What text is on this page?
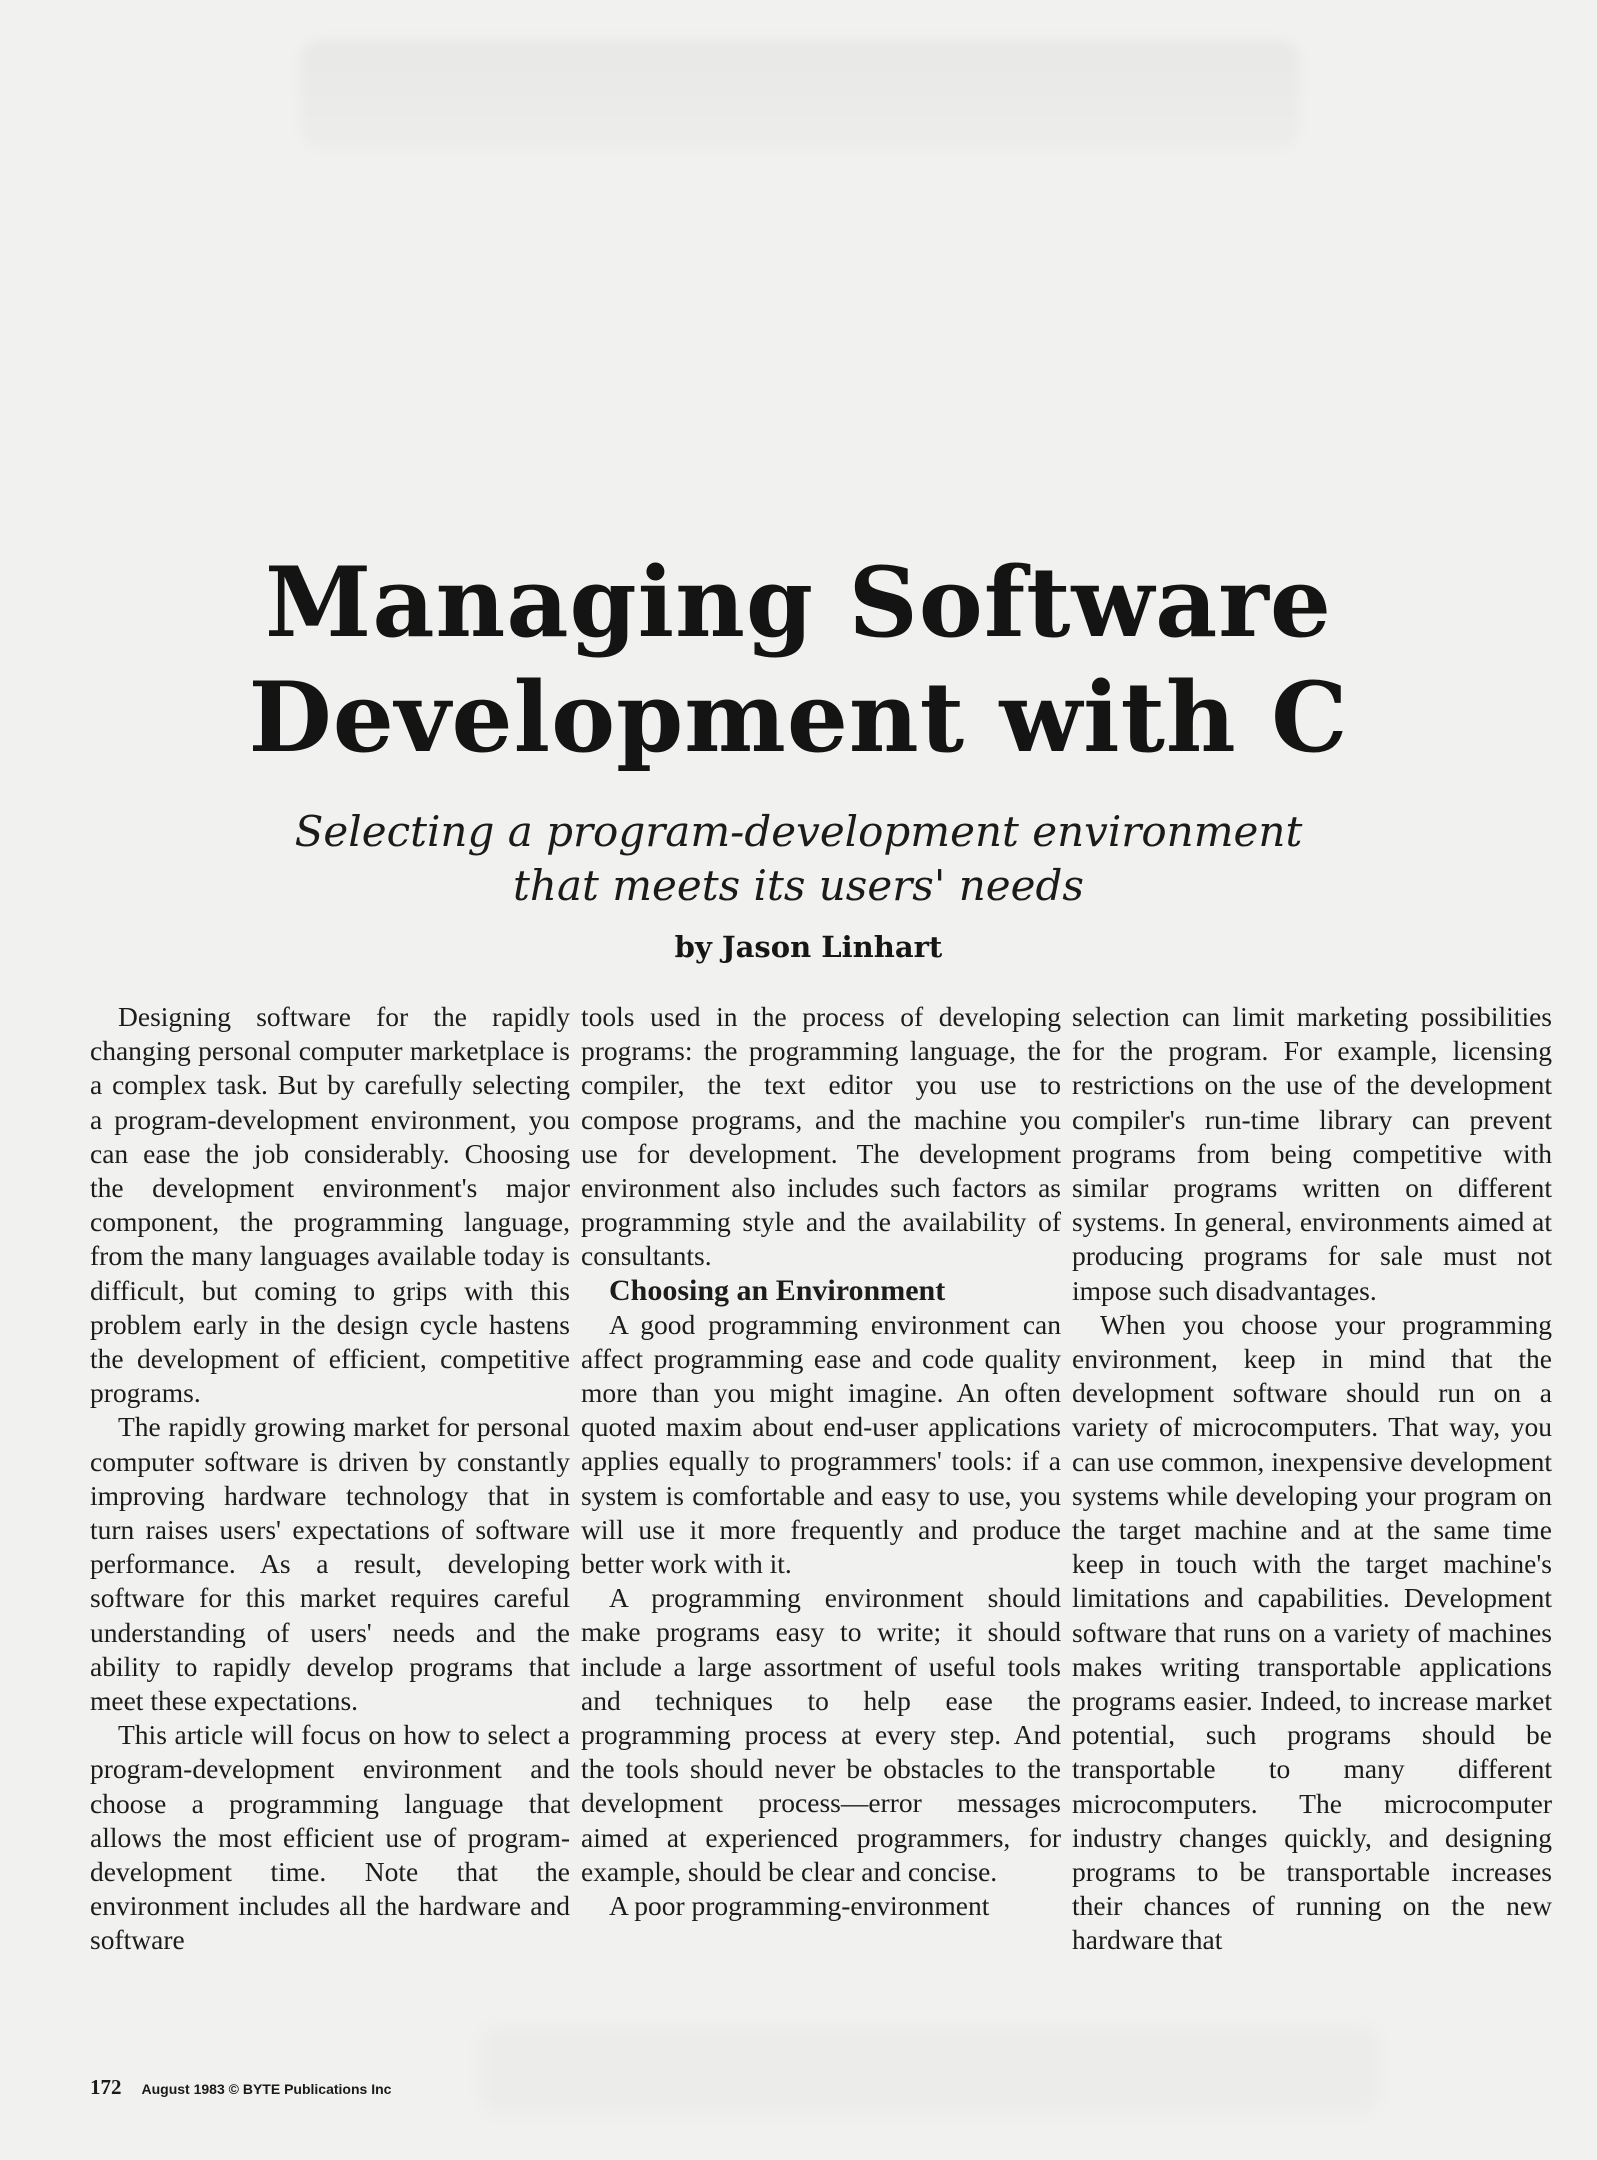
Managing Software
Development with C
Selecting a program-development environment
that meets its users' needs
by Jason Linhart

Designing software for the rapidly changing personal computer marketplace is a complex task. But by carefully selecting a program-development environment, you can ease the job considerably. Choosing the development environment's major component, the programming language, from the many languages available today is difficult, but coming to grips with this problem early in the design cycle hastens the development of efficient, competitive programs.

The rapidly growing market for personal computer software is driven by constantly improving hardware technology that in turn raises users' expectations of software performance. As a result, developing software for this market requires careful understanding of users' needs and the ability to rapidly develop programs that meet these expectations.

This article will focus on how to select a program-development environment and choose a programming language that allows the most efficient use of program-development time. Note that the environment includes all the hardware and software

tools used in the process of developing programs: the programming language, the compiler, the text editor you use to compose programs, and the machine you use for development. The development environment also includes such factors as programming style and the availability of consultants.

Choosing an Environment

A good programming environment can affect programming ease and code quality more than you might imagine. An often quoted maxim about end-user applications applies equally to programmers' tools: if a system is comfortable and easy to use, you will use it more frequently and produce better work with it.

A programming environment should make programs easy to write; it should include a large assortment of useful tools and techniques to help ease the programming process at every step. And the tools should never be obstacles to the development process—error messages aimed at experienced programmers, for example, should be clear and concise.

A poor programming-environment

selection can limit marketing possibilities for the program. For example, licensing restrictions on the use of the development compiler's run-time library can prevent programs from being competitive with similar programs written on different systems. In general, environments aimed at producing programs for sale must not impose such disadvantages.

When you choose your programming environment, keep in mind that the development software should run on a variety of microcomputers. That way, you can use common, inexpensive development systems while developing your program on the target machine and at the same time keep in touch with the target machine's limitations and capabilities. Development software that runs on a variety of machines makes writing transportable applications programs easier. Indeed, to increase market potential, such programs should be transportable to many different microcomputers. The microcomputer industry changes quickly, and designing programs to be transportable increases their chances of running on the new hardware that

172 August 1983 © BYTE Publications Inc
